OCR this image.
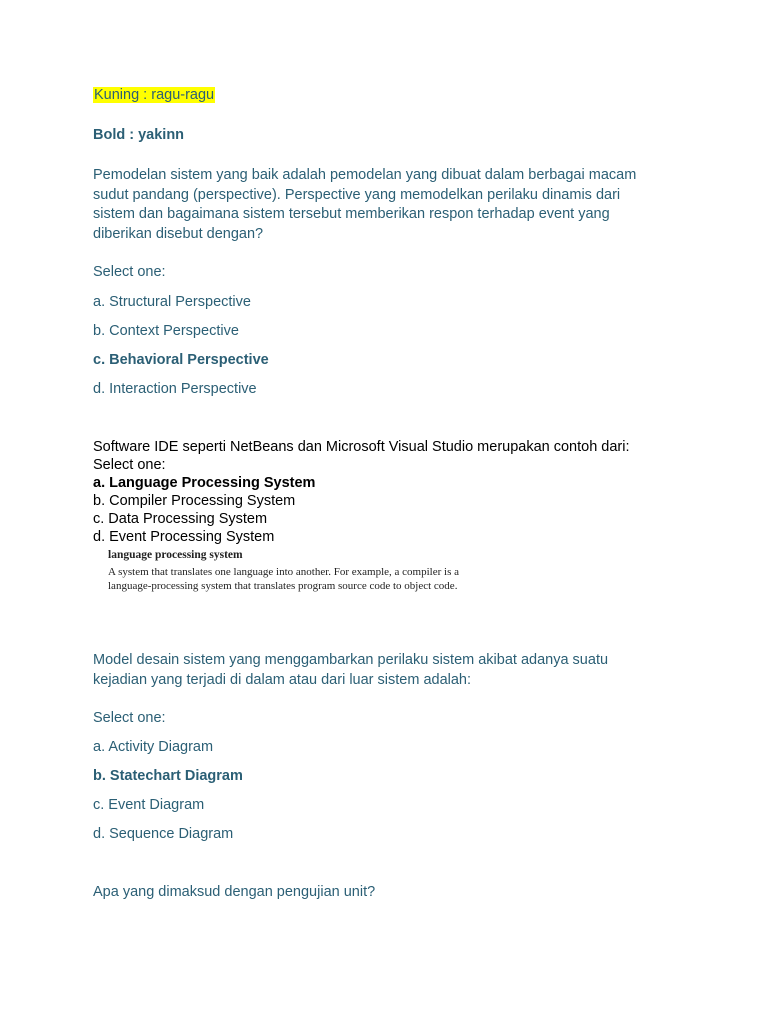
Kuning : ragu-ragu
Bold : yakinn
Pemodelan sistem yang baik adalah pemodelan yang dibuat dalam berbagai macam sudut pandang (perspective). Perspective yang memodelkan perilaku dinamis dari sistem dan bagaimana sistem tersebut memberikan respon terhadap event yang diberikan disebut dengan?
Select one:
a. Structural Perspective
b. Context Perspective
c. Behavioral Perspective
d. Interaction Perspective
Software IDE seperti NetBeans dan Microsoft Visual Studio merupakan contoh dari:
Select one:
a. Language Processing System
b. Compiler Processing System
c. Data Processing System
d. Event Processing System
language processing system
A system that translates one language into another. For example, a compiler is a language-processing system that translates program source code to object code.
Model desain sistem yang menggambarkan perilaku sistem akibat adanya suatu kejadian yang terjadi di dalam atau dari luar sistem adalah:
Select one:
a. Activity Diagram
b. Statechart Diagram
c. Event Diagram
d. Sequence Diagram
Apa yang dimaksud dengan pengujian unit?
